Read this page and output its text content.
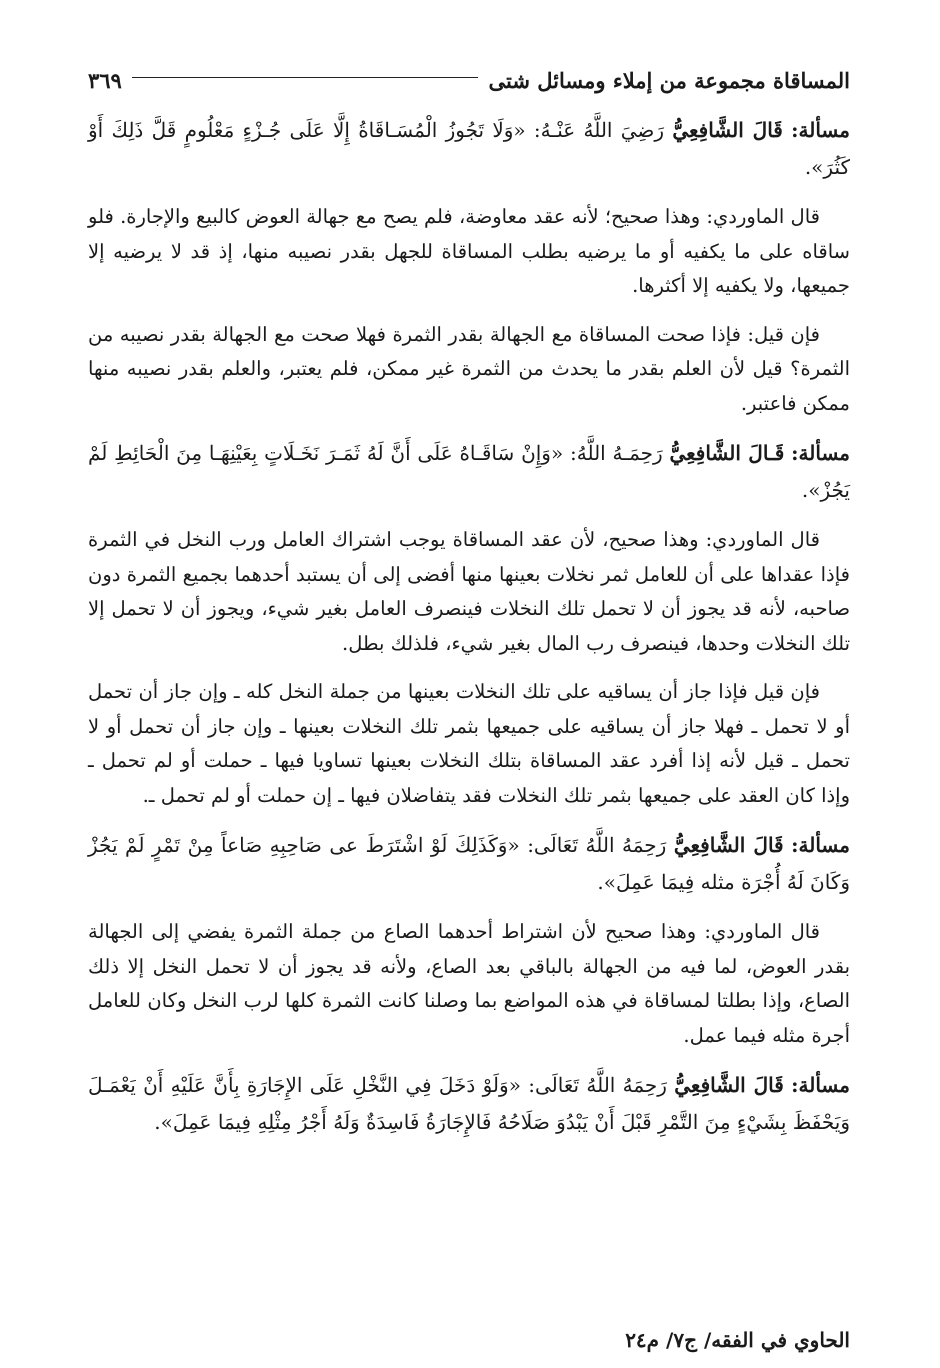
المساقاة مجموعة من إملاء ومسائل شتى
٣٦٩

مسألة: قَالَ الشَّافِعِيُّ رَضِيَ اللَّهُ عَنْـهُ: «وَلَا تَجُوزُ الْمُسَـاقَاةُ إِلَّا عَلَى جُـزْءٍ مَعْلُومٍ قَلَّ ذَلِكَ أَوْ كَثُرَ».

قال الماوردي: وهذا صحيح؛ لأنه عقد معاوضة، فلم يصح مع جهالة العوض كالبيع والإجارة. فلو ساقاه على ما يكفيه أو ما يرضيه بطلب المساقاة للجهل بقدر نصيبه منها، إذ قد لا يرضيه إلا جميعها، ولا يكفيه إلا أكثرها.

فإن قيل: فإذا صحت المساقاة مع الجهالة بقدر الثمرة فهلا صحت مع الجهالة بقدر نصيبه من الثمرة؟ قيل لأن العلم بقدر ما يحدث من الثمرة غير ممكن، فلم يعتبر، والعلم بقدر نصيبه منها ممكن فاعتبر.

مسألة: قَـالَ الشَّافِعِيُّ رَحِمَـهُ اللَّهُ: «وَإِنْ سَاقَـاهُ عَلَى أَنَّ لَهُ ثَمَـرَ نَخَـلَاتٍ بِعَيْنِهَـا مِنَ الْحَائِطِ لَمْ يَجُزْ».

قال الماوردي: وهذا صحيح، لأن عقد المساقاة يوجب اشتراك العامل ورب النخل في الثمرة فإذا عقداها على أن للعامل ثمر نخلات بعينها منها أفضى إلى أن يستبد أحدهما بجميع الثمرة دون صاحبه، لأنه قد يجوز أن لا تحمل تلك النخلات فينصرف العامل بغير شيء، ويجوز أن لا تحمل إلا تلك النخلات وحدها، فينصرف رب المال بغير شيء، فلذلك بطل.

فإن قيل فإذا جاز أن يساقيه على تلك النخلات بعينها من جملة النخل كله ـ وإن جاز أن تحمل أو لا تحمل ـ فهلا جاز أن يساقيه على جميعها بثمر تلك النخلات بعينها ـ وإن جاز أن تحمل أو لا تحمل ـ قيل لأنه إذا أفرد عقد المساقاة بتلك النخلات بعينها تساويا فيها ـ حملت أو لم تحمل ـ وإذا كان العقد على جميعها بثمر تلك النخلات فقد يتفاضلان فيها ـ إن حملت أو لم تحمل ـ.

مسألة: قَالَ الشَّافِعِيُّ رَحِمَهُ اللَّهُ تَعَالَى: «وَكَذَلِكَ لَوْ اشْتَرَطَ عى صَاحِبِهِ صَاعاً مِنْ تَمْرٍ لَمْ يَجُزْ وَكَانَ لَهُ أُجْرَة مثله فِيمَا عَمِلَ».

قال الماوردي: وهذا صحيح لأن اشتراط أحدهما الصاع من جملة الثمرة يفضي إلى الجهالة بقدر العوض، لما فيه من الجهالة بالباقي بعد الصاع، ولأنه قد يجوز أن لا تحمل النخل إلا ذلك الصاع، وإذا بطلتا لمساقاة في هذه المواضع بما وصلنا كانت الثمرة كلها لرب النخل وكان للعامل أجرة مثله فيما عمل.

مسألة: قَالَ الشَّافِعِيُّ رَحِمَهُ اللَّهُ تَعَالَى: «وَلَوْ دَخَلَ فِي النَّخْلِ عَلَى الإِجَارَةِ بِأَنَّ عَلَيْهِ أَنْ يَعْمَـلَ وَيَحْفَظَ بِشَيْءٍ مِنَ التَّمْرِ قَبْلَ أَنْ يَبْدُوَ صَلَاحُهُ فَالإِجَارَةُ فَاسِدَةٌ وَلَهُ أَجْرُ مِثْلِهِ فِيمَا عَمِلَ».

الحاوي في الفقه/ ج٧/ م٢٤
